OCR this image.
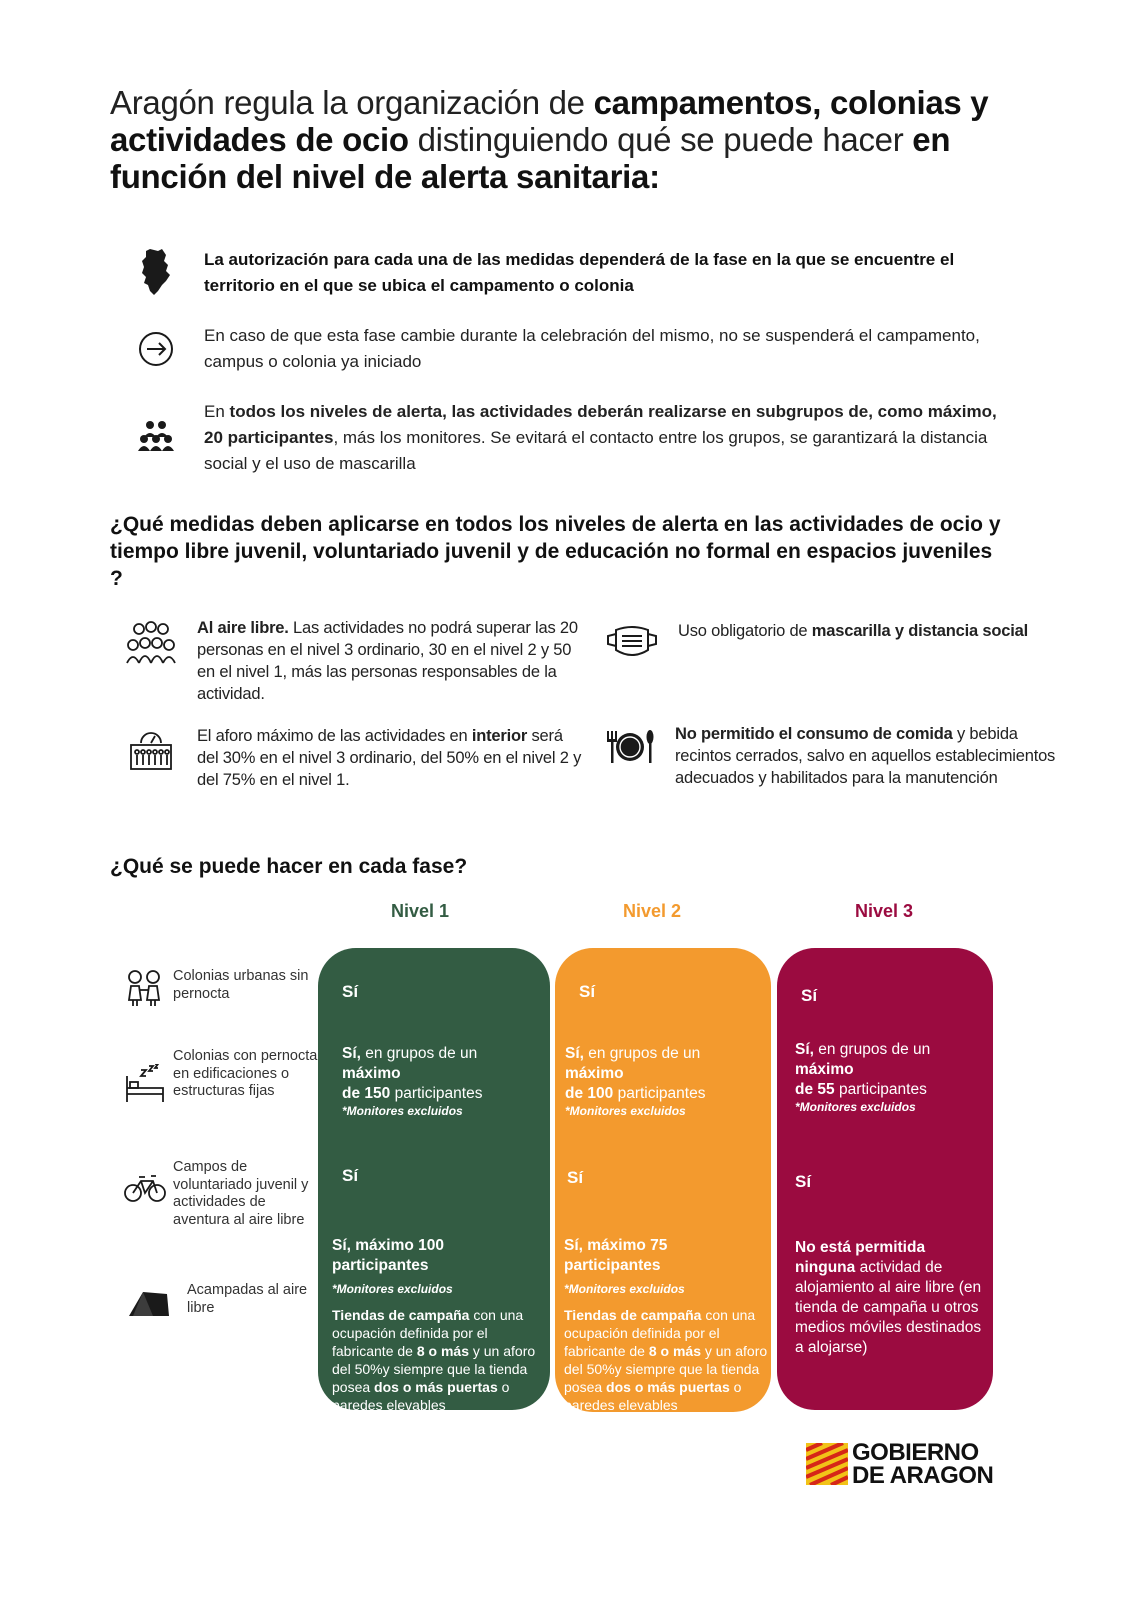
Aragón regula la organización de campamentos, colonias y actividades de ocio distinguiendo qué se puede hacer en función del nivel de alerta sanitaria:
La autorización para cada una de las medidas dependerá de la fase en la que se encuentre el territorio en el que se ubica el campamento o colonia
En caso de que esta fase cambie durante la celebración del mismo, no se suspenderá el campamento, campus o colonia ya iniciado
En todos los niveles de alerta, las actividades deberán realizarse en subgrupos de, como máximo, 20 participantes, más los monitores. Se evitará el contacto entre los grupos, se garantizará la distancia social y el uso de mascarilla
¿Qué medidas deben aplicarse en todos los niveles de alerta en las actividades de ocio y tiempo libre juvenil, voluntariado juvenil y de educación no formal en espacios juveniles ?
Al aire libre. Las actividades no podrá superar las 20 personas en el nivel 3 ordinario, 30 en el nivel 2 y 50 en el nivel 1, más las personas responsables de la actividad.
Uso obligatorio de mascarilla y distancia social
El aforo máximo de las actividades en interior será del 30% en el nivel 3 ordinario, del 50% en el nivel 2 y del 75% en el nivel 1.
No permitido el consumo de comida y bebida recintos cerrados, salvo en aquellos establecimientos adecuados y habilitados para la manutención
¿Qué se puede hacer en cada fase?
Nivel 1	Nivel 2	Nivel 3
Colonias urbanas sin pernocta
Colonias con pernocta en edificaciones o estructuras fijas
Campos de voluntariado juvenil y actividades de aventura al aire libre
Acampadas al aire libre
Sí
Sí, en grupos de un
máximo
de 150 participantes
*Monitores excluidos
Sí
Sí, máximo 100 participantes
*Monitores excluidos
Tiendas de campaña con una ocupación definida por el fabricante de 8 o más y un aforo del 50%y siempre que la tienda posea dos o más puertas o paredes elevables
Sí
Sí, en grupos de un
máximo
de 100 participantes
*Monitores excluidos
Sí
Sí, máximo 75 participantes
*Monitores excluidos
Tiendas de campaña con una ocupación definida por el fabricante de 8 o más y un aforo del 50%y siempre que la tienda posea dos o más puertas o paredes elevables
Sí
Sí, en grupos de un
máximo
de 55 participantes
*Monitores excluidos
Sí
No está permitida ninguna actividad de alojamiento al aire libre (en tienda de campaña u otros medios móviles destinados a alojarse)
GOBIERNO
DE ARAGON
